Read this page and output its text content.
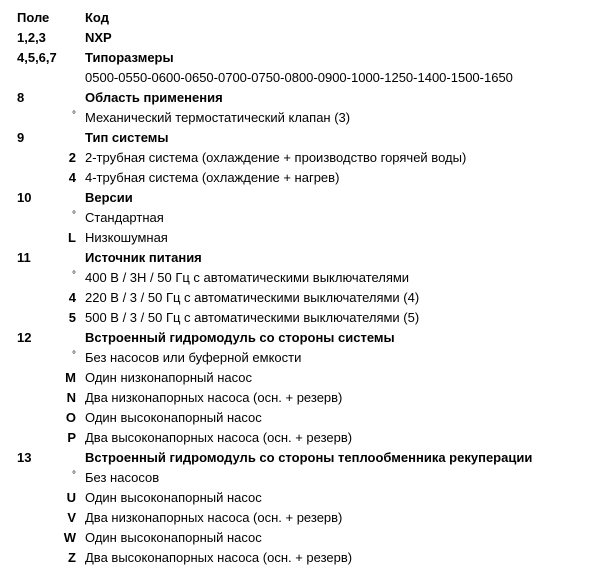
Поле	Код
1,2,3	NXP
4,5,6,7 Типоразмеры
0500-0550-0600-0650-0700-0750-0800-0900-1000-1250-1400-1500-1650
8	Область применения
° Механический термостатический клапан (3)
9	Тип системы
2 2-трубная система (охлаждение + производство горячей воды)
4 4-трубная система (охлаждение + нагрев)
10	Версии
° Стандартная
L Низкошумная
11	Источник питания
° 400 В / 3Н / 50 Гц с автоматическими выключателями
4 220 В / 3 / 50 Гц с автоматическими выключателями (4)
5 500 В / 3 / 50 Гц с автоматическими выключателями (5)
12	Встроенный гидромодуль со стороны системы
° Без насосов или буферной емкости
M Один низконапорный насос
N Два низконапорных насоса (осн. + резерв)
O Один высоконапорный насос
P Два высоконапорных насоса (осн. + резерв)
13	Встроенный гидромодуль со стороны теплообменника рекуперации
° Без насосов
U Один высоконапорный насос
V Два низконапорных насоса (осн. + резерв)
W Один высоконапорный насос
Z Два высоконапорных насоса (осн. + резерв)
